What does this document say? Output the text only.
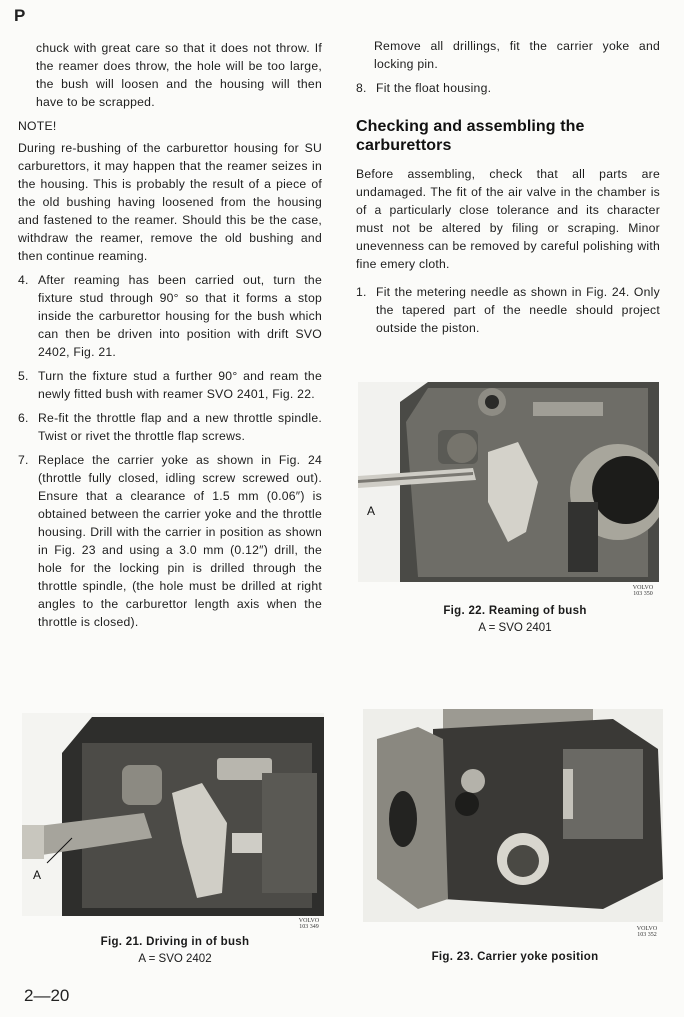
P

chuck with great care so that it does not throw. If the reamer does throw, the hole will be too large, the bush will loosen and the housing will then have to be scrapped.

NOTE!

During re-bushing of the carburettor housing for SU carburettors, it may happen that the reamer seizes in the housing. This is probably the result of a piece of the old bushing having loosened from the housing and fastened to the reamer. Should this be the case, withdraw the reamer, remove the old bushing and then continue reaming.

4. After reaming has been carried out, turn the fixture stud through 90° so that it forms a stop inside the carburettor housing for the bush which can then be driven into position with drift SVO 2402, Fig. 21.
5. Turn the fixture stud a further 90° and ream the newly fitted bush with reamer SVO 2401, Fig. 22.
6. Re-fit the throttle flap and a new throttle spindle. Twist or rivet the throttle flap screws.
7. Replace the carrier yoke as shown in Fig. 24 (throttle fully closed, idling screw screwed out). Ensure that a clearance of 1.5 mm (0.06″) is obtained between the carrier yoke and the throttle housing. Drill with the carrier in position as shown in Fig. 23 and using a 3.0 mm (0.12″) drill, the hole for the locking pin is drilled through the throttle spindle, (the hole must be drilled at right angles to the carburettor length axis when the throttle is closed).

Remove all drillings, fit the carrier yoke and locking pin.

8. Fit the float housing.
Checking and assembling the carburettors

Before assembling, check that all parts are undamaged. The fit of the air valve in the chamber is of a particularly close tolerance and its character must not be altered by filing or scraping. Minor unevenness can be removed by careful polishing with fine emery cloth.

1. Fit the metering needle as shown in Fig. 24. Only the tapered part of the needle should project outside the piston.
A
VOLVO
103 350
Fig. 22. Reaming of bush
A = SVO 2401
A
VOLVO
103 349
Fig. 21. Driving in of bush
A = SVO 2402
VOLVO
103 352
Fig. 23. Carrier yoke position
2—20
